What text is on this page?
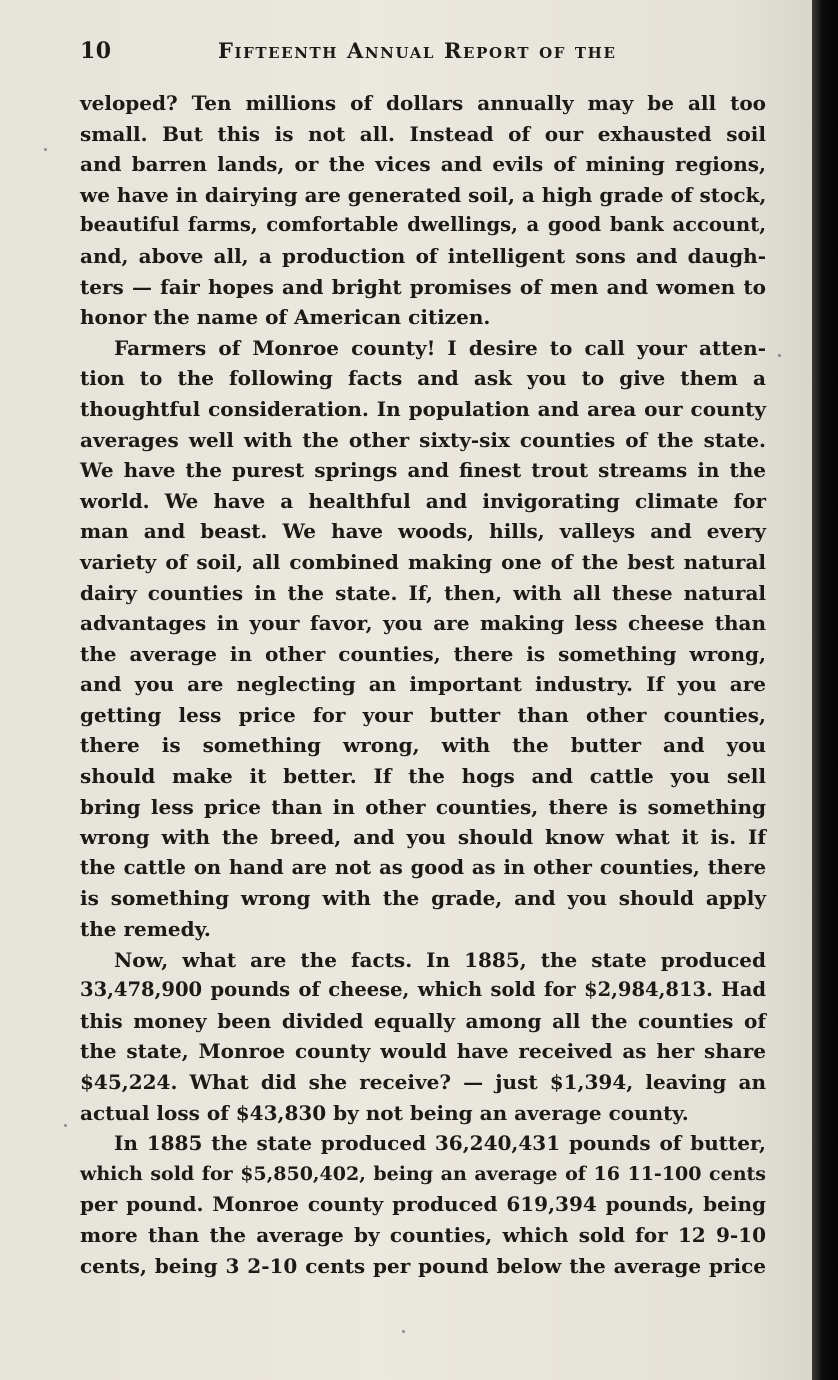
10	Fifteenth Annual Report of the
veloped? Ten millions of dollars annually may be all too
small. But this is not all. Instead of our exhausted soil
and barren lands, or the vices and evils of mining regions,
we have in dairying are generated soil, a high grade of stock,
beautiful farms, comfortable dwellings, a good bank account,
and, above all, a production of intelligent sons and daugh-
ters — fair hopes and bright promises of men and women to
honor the name of American citizen.
Farmers of Monroe county! I desire to call your atten-
tion to the following facts and ask you to give them a
thoughtful consideration. In population and area our county
averages well with the other sixty-six counties of the state.
We have the purest springs and finest trout streams in the
world. We have a healthful and invigorating climate for
man and beast. We have woods, hills, valleys and every
variety of soil, all combined making one of the best natural
dairy counties in the state. If, then, with all these natural
advantages in your favor, you are making less cheese than
the average in other counties, there is something wrong,
and you are neglecting an important industry. If you are
getting less price for your butter than other counties,
there is something wrong, with the butter and you
should make it better. If the hogs and cattle you sell
bring less price than in other counties, there is something
wrong with the breed, and you should know what it is. If
the cattle on hand are not as good as in other counties, there
is something wrong with the grade, and you should apply
the remedy.
Now, what are the facts. In 1885, the state produced
33,478,900 pounds of cheese, which sold for $2,984,813. Had
this money been divided equally among all the counties of
the state, Monroe county would have received as her share
$45,224. What did she receive? — just $1,394, leaving an
actual loss of $43,830 by not being an average county.
In 1885 the state produced 36,240,431 pounds of butter,
which sold for $5,850,402, being an average of 16 11-100 cents
per pound. Monroe county produced 619,394 pounds, being
more than the average by counties, which sold for 12 9-10
cents, being 3 2-10 cents per pound below the average price
